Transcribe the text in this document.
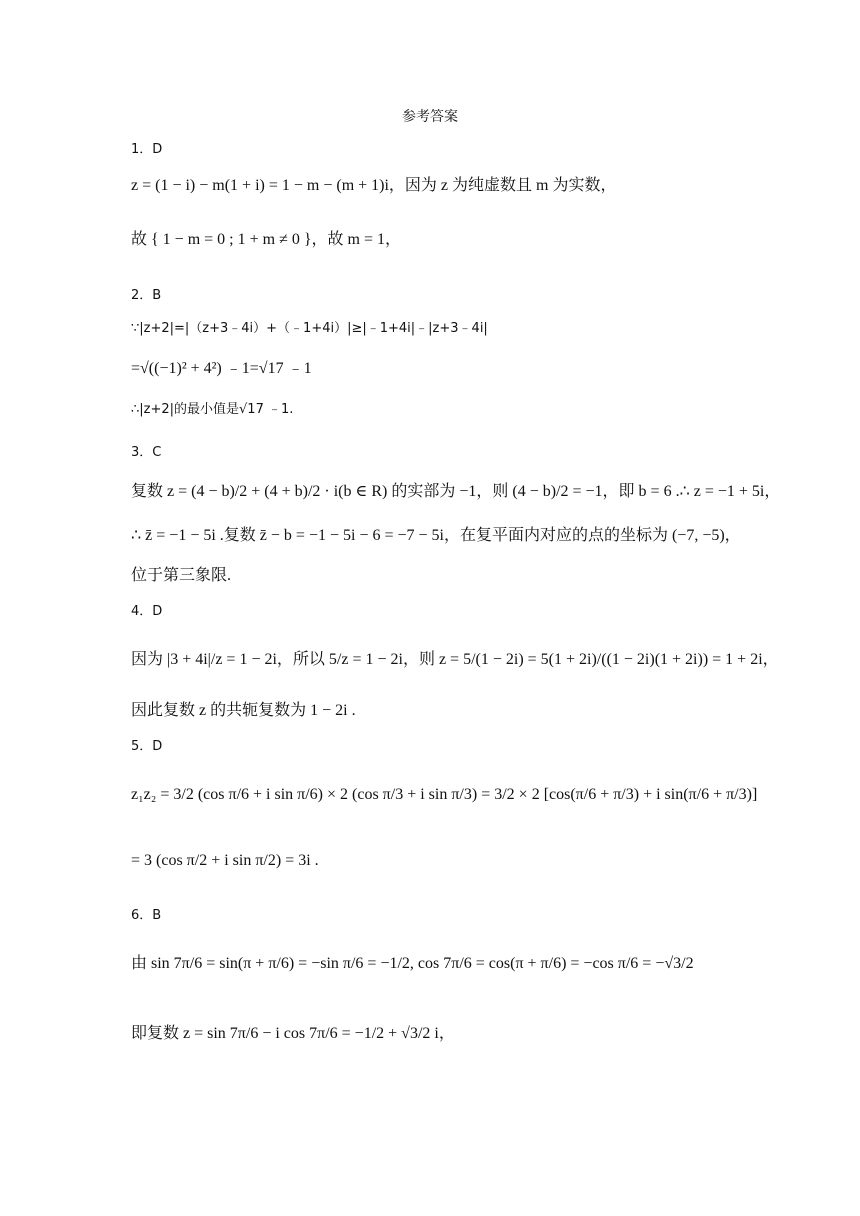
参考答案
1．D
z = (1 − i) − m(1 + i) = 1 − m − (m + 1)i，因为 z 为纯虚数且 m 为实数，
故 { 1 − m = 0 ; 1 + m ≠ 0 }，故 m = 1，
2．B
∵|z+2|=|（z+3﹣4i）+（﹣1+4i）|≥|﹣1+4i|﹣|z+3﹣4i|
=√((−1)² + 4²) ﹣1=√17 ﹣1
∴|z+2|的最小值是√17 ﹣1.
3．C
复数 z = (4 − b)/2 + (4 + b)/2 · i(b ∈ R) 的实部为 −1，则 (4 − b)/2 = −1，即 b = 6 .∴ z = −1 + 5i，
∴ z̄ = −1 − 5i .复数 z̄ − b = −1 − 5i − 6 = −7 − 5i，在复平面内对应的点的坐标为 (−7, −5)，
位于第三象限.
4．D
因为 |3 + 4i|/z = 1 − 2i，所以 5/z = 1 − 2i，则 z = 5/(1 − 2i) = 5(1 + 2i)/((1 − 2i)(1 + 2i)) = 1 + 2i，
因此复数 z 的共轭复数为 1 − 2i .
5．D
z₁z₂ = 3/2 (cos π/6 + i sin π/6) × 2 (cos π/3 + i sin π/3) = 3/2 × 2 [cos(π/6 + π/3) + i sin(π/6 + π/3)]
= 3 (cos π/2 + i sin π/2) = 3i .
6．B
由 sin 7π/6 = sin(π + π/6) = −sin π/6 = −1/2, cos 7π/6 = cos(π + π/6) = −cos π/6 = −√3/2
即复数 z = sin 7π/6 − i cos 7π/6 = −1/2 + √3/2 i，
